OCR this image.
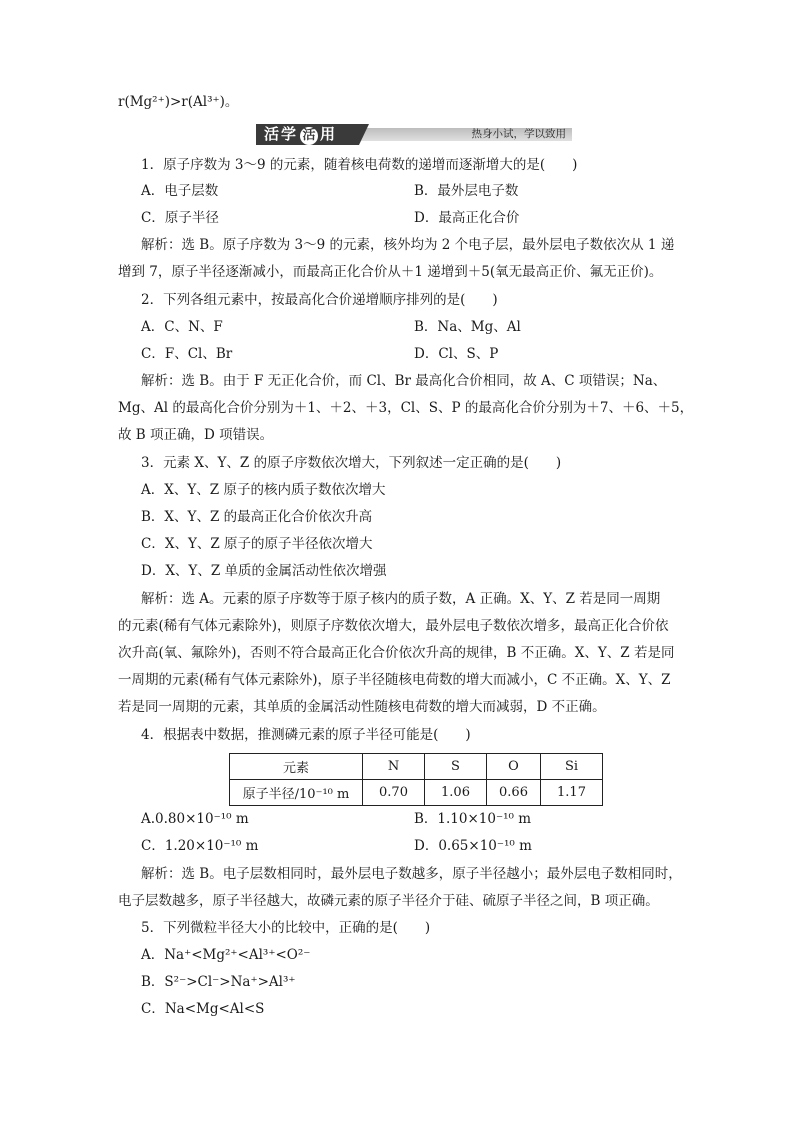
r(Mg²⁺)>r(Al³⁺)。
活学 活 用	热身小试，学以致用
1．原子序数为 3～9 的元素，随着核电荷数的递增而逐渐增大的是(　　)
A．电子层数	B．最外层电子数
C．原子半径	D．最高正化合价
解析：选 B。原子序数为 3～9 的元素，核外均为 2 个电子层，最外层电子数依次从 1 递
增到 7，原子半径逐渐减小，而最高正化合价从＋1 递增到＋5(氧无最高正价、氟无正价)。
2．下列各组元素中，按最高化合价递增顺序排列的是(　　)
A．C、N、F	B．Na、Mg、Al
C．F、Cl、Br	D．Cl、S、P
解析：选 B。由于 F 无正化合价，而 Cl、Br 最高化合价相同，故 A、C 项错误；Na、
Mg、Al 的最高化合价分别为＋1、＋2、＋3，Cl、S、P 的最高化合价分别为＋7、＋6、＋5，
故 B 项正确，D 项错误。
3．元素 X、Y、Z 的原子序数依次增大，下列叙述一定正确的是(　　)
A．X、Y、Z 原子的核内质子数依次增大
B．X、Y、Z 的最高正化合价依次升高
C．X、Y、Z 原子的原子半径依次增大
D．X、Y、Z 单质的金属活动性依次增强
解析：选 A。元素的原子序数等于原子核内的质子数，A 正确。X、Y、Z 若是同一周期
的元素(稀有气体元素除外)，则原子序数依次增大，最外层电子数依次增多，最高正化合价依
次升高(氧、氟除外)，否则不符合最高正化合价依次升高的规律，B 不正确。X、Y、Z 若是同
一周期的元素(稀有气体元素除外)，原子半径随核电荷数的增大而减小，C 不正确。X、Y、Z
若是同一周期的元素，其单质的金属活动性随核电荷数的增大而减弱，D 不正确。
4．根据表中数据，推测磷元素的原子半径可能是(　　)
元素	N	S	O	Si
原子半径/10⁻¹⁰ m	0.70	1.06	0.66	1.17
A.0.80×10⁻¹⁰ m	B．1.10×10⁻¹⁰ m
C．1.20×10⁻¹⁰ m	D．0.65×10⁻¹⁰ m
解析：选 B。电子层数相同时，最外层电子数越多，原子半径越小；最外层电子数相同时，
电子层数越多，原子半径越大，故磷元素的原子半径介于硅、硫原子半径之间，B 项正确。
5．下列微粒半径大小的比较中，正确的是(　　)
A．Na⁺<Mg²⁺<Al³⁺<O²⁻
B．S²⁻>Cl⁻>Na⁺>Al³⁺
C．Na<Mg<Al<S
